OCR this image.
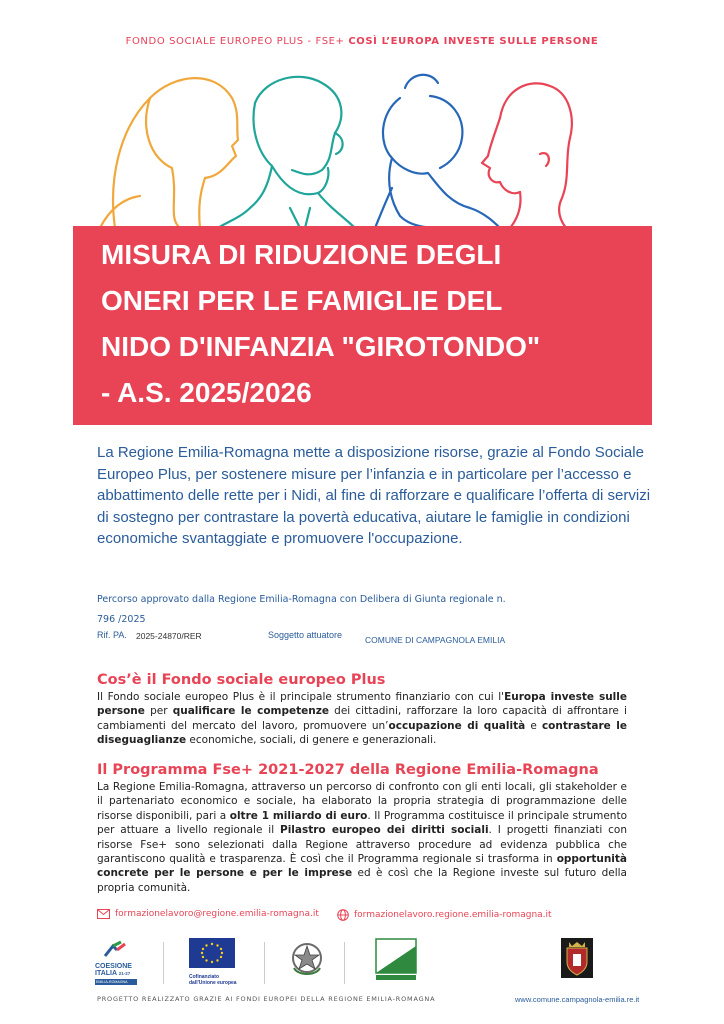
FONDO SOCIALE EUROPEO PLUS - FSE+ COSÌ L’EUROPA INVESTE SULLE PERSONE
MISURA DI RIDUZIONE DEGLI
ONERI PER LE FAMIGLIE DEL
NIDO D'INFANZIA "GIROTONDO"
- A.S. 2025/2026

La Regione Emilia-Romagna mette a disposizione risorse, grazie al Fondo Sociale Europeo Plus, per sostenere misure per l’infanzia e in particolare per l’accesso e abbattimento delle rette per i Nidi, al fine di rafforzare e qualificare l’offerta di servizi di sostegno per contrastare la povertà educativa, aiutare le famiglie in condizioni economiche svantaggiate e promuovere l'occupazione.

Percorso approvato dalla Regione Emilia-Romagna con Delibera di Giunta regionale n.
796 /2025
Rif. PA. 2025-24870/RER	Soggetto attuatore	COMUNE DI CAMPAGNOLA EMILIA
Cos’è il Fondo sociale europeo Plus

Il Fondo sociale europeo Plus è il principale strumento finanziario con cui l'Europa investe sulle persone per qualificare le competenze dei cittadini, rafforzare la loro capacità di affrontare i cambiamenti del mercato del lavoro, promuovere un’occupazione di qualità e contrastare le diseguaglianze economiche, sociali, di genere e generazionali.

Il Programma Fse+ 2021-2027 della Regione Emilia-Romagna

La Regione Emilia-Romagna, attraverso un percorso di confronto con gli enti locali, gli stakeholder e il partenariato economico e sociale, ha elaborato la propria strategia di programmazione delle risorse disponibili, pari a oltre 1 miliardo di euro. Il Programma costituisce il principale strumento per attuare a livello regionale il Pilastro europeo dei diritti sociali. I progetti finanziati con risorse Fse+ sono selezionati dalla Regione attraverso procedure ad evidenza pubblica che garantiscono qualità e trasparenza. È così che il Programma regionale si trasforma in opportunità concrete per le persone e per le imprese ed è così che la Regione investe sul futuro della propria comunità.

formazionelavoro@regione.emilia-romagna.it	formazionelavoro.regione.emilia-romagna.it
COESIONE
ITALIA 21-27
EMILIA-ROMAGNA
Cofinanziato
dall'Unione europea
PROGETTO REALIZZATO GRAZIE AI FONDI EUROPEI DELLA REGIONE EMILIA-ROMAGNA	www.comune.campagnola-emilia.re.it
